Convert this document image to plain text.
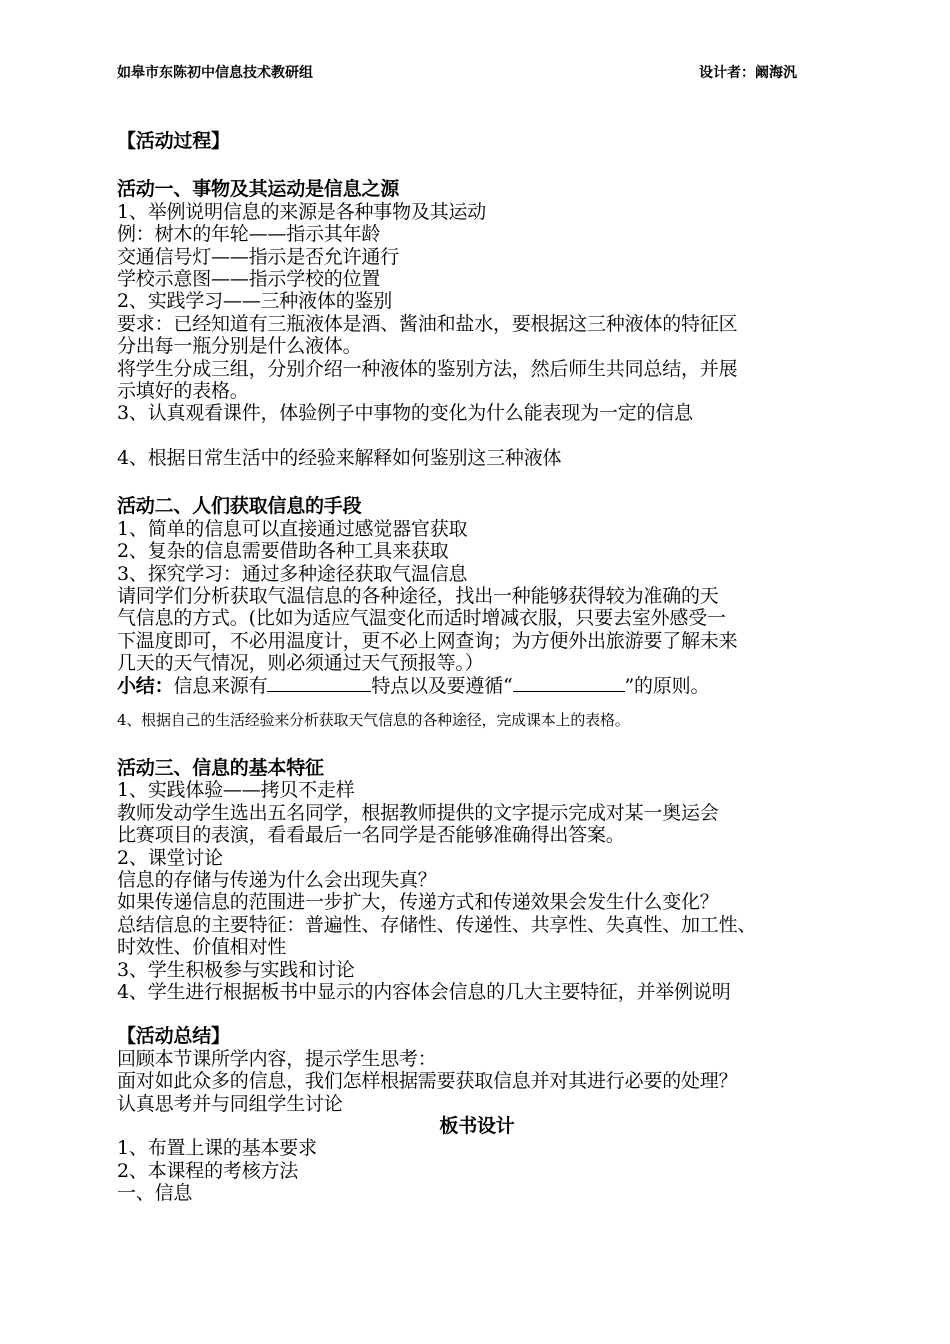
如皋市东陈初中信息技术教研组	设计者：阚海汎
【活动过程】
活动一、事物及其运动是信息之源
1、举例说明信息的来源是各种事物及其运动
例：树木的年轮——指示其年龄
交通信号灯——指示是否允许通行
学校示意图——指示学校的位置
2、实践学习——三种液体的鉴别
要求：已经知道有三瓶液体是酒、酱油和盐水，要根据这三种液体的特征区
分出每一瓶分别是什么液体。
将学生分成三组，分别介绍一种液体的鉴别方法，然后师生共同总结，并展
示填好的表格。
3、认真观看课件，体验例子中事物的变化为什么能表现为一定的信息
4、根据日常生活中的经验来解释如何鉴别这三种液体
活动二、人们获取信息的手段
1、简单的信息可以直接通过感觉器官获取
2、复杂的信息需要借助各种工具来获取
3、探究学习：通过多种途径获取气温信息
请同学们分析获取气温信息的各种途径，找出一种能够获得较为准确的天
气信息的方式。(比如为适应气温变化而适时增减衣服，只要去室外感受一
下温度即可，不必用温度计，更不必上网查询；为方便外出旅游要了解未来
几天的天气情况，则必须通过天气预报等。）
小结：信息来源有	特点以及要遵循“	”的原则。
4、根据自己的生活经验来分析获取天气信息的各种途径，完成课本上的表格。
活动三、信息的基本特征
1、实践体验——拷贝不走样
教师发动学生选出五名同学，根据教师提供的文字提示完成对某一奥运会
比赛项目的表演，看看最后一名同学是否能够准确得出答案。
2、课堂讨论
信息的存储与传递为什么会出现失真？
如果传递信息的范围进一步扩大，传递方式和传递效果会发生什么变化？
总结信息的主要特征：普遍性、存储性、传递性、共享性、失真性、加工性、
时效性、价值相对性
3、学生积极参与实践和讨论
4、学生进行根据板书中显示的内容体会信息的几大主要特征，并举例说明
【活动总结】
回顾本节课所学内容，提示学生思考：
面对如此众多的信息，我们怎样根据需要获取信息并对其进行必要的处理？
认真思考并与同组学生讨论
板书设计
1、布置上课的基本要求
2、本课程的考核方法
一、信息
